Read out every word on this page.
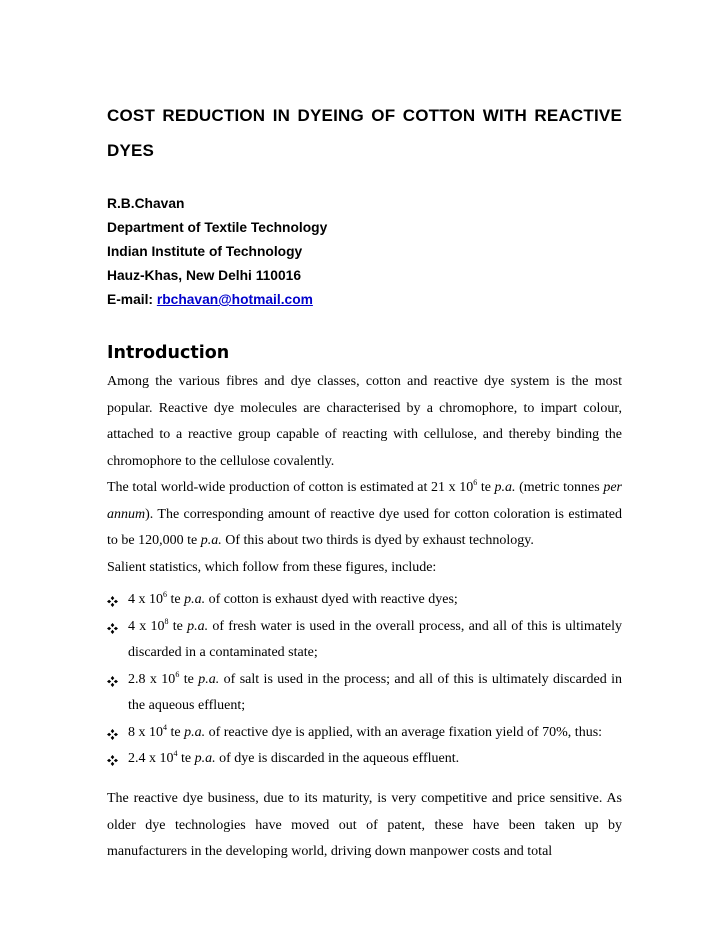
COST REDUCTION IN DYEING OF COTTON WITH REACTIVE DYES
R.B.Chavan
Department of Textile Technology
Indian Institute of Technology
Hauz-Khas, New Delhi 110016
E-mail: rbchavan@hotmail.com
Introduction

Among the various fibres and dye classes, cotton and reactive dye system is the most popular. Reactive dye molecules are characterised by a chromophore, to impart colour, attached to a reactive group capable of reacting with cellulose, and thereby binding the chromophore to the cellulose covalently.

The total world-wide production of cotton is estimated at 21 x $10^6$ te p.a. (metric tonnes per annum). The corresponding amount of reactive dye used for cotton coloration is estimated to be 120,000 te p.a. Of this about two thirds is dyed by exhaust technology.

Salient statistics, which follow from these figures, include:

4 x $10^6$ te p.a. of cotton is exhaust dyed with reactive dyes;
4 x $10^8$ te p.a. of fresh water is used in the overall process, and all of this is ultimately discarded in a contaminated state;
2.8 x $10^6$ te p.a. of salt is used in the process; and all of this is ultimately discarded in the aqueous effluent;
8 x $10^4$ te p.a. of reactive dye is applied, with an average fixation yield of 70%, thus:
2.4 x $10^4$ te p.a. of dye is discarded in the aqueous effluent.

The reactive dye business, due to its maturity, is very competitive and price sensitive. As older dye technologies have moved out of patent, these have been taken up by manufacturers in the developing world, driving down manpower costs and total
